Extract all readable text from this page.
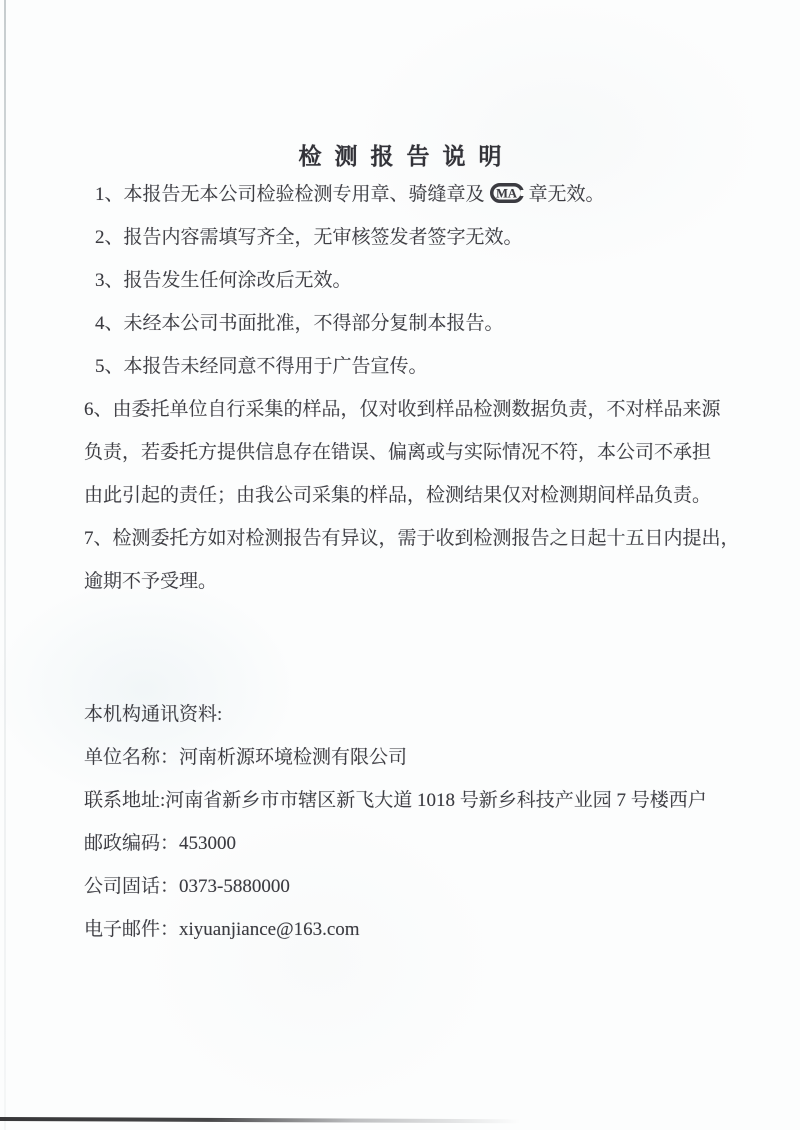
检测报告说明
1、本报告无本公司检验检测专用章、骑缝章及 MA 章无效。
2、报告内容需填写齐全，无审核签发者签字无效。
3、报告发生任何涂改后无效。
4、未经本公司书面批准，不得部分复制本报告。
5、本报告未经同意不得用于广告宣传。
6、由委托单位自行采集的样品，仅对收到样品检测数据负责，不对样品来源
负责，若委托方提供信息存在错误、偏离或与实际情况不符，本公司不承担
由此引起的责任；由我公司采集的样品，检测结果仅对检测期间样品负责。
7、检测委托方如对检测报告有异议，需于收到检测报告之日起十五日内提出，
逾期不予受理。
本机构通讯资料:
单位名称：河南析源环境检测有限公司
联系地址:河南省新乡市市辖区新飞大道 1018 号新乡科技产业园 7 号楼西户
邮政编码：453000
公司固话：0373-5880000
电子邮件：xiyuanjiance@163.com
